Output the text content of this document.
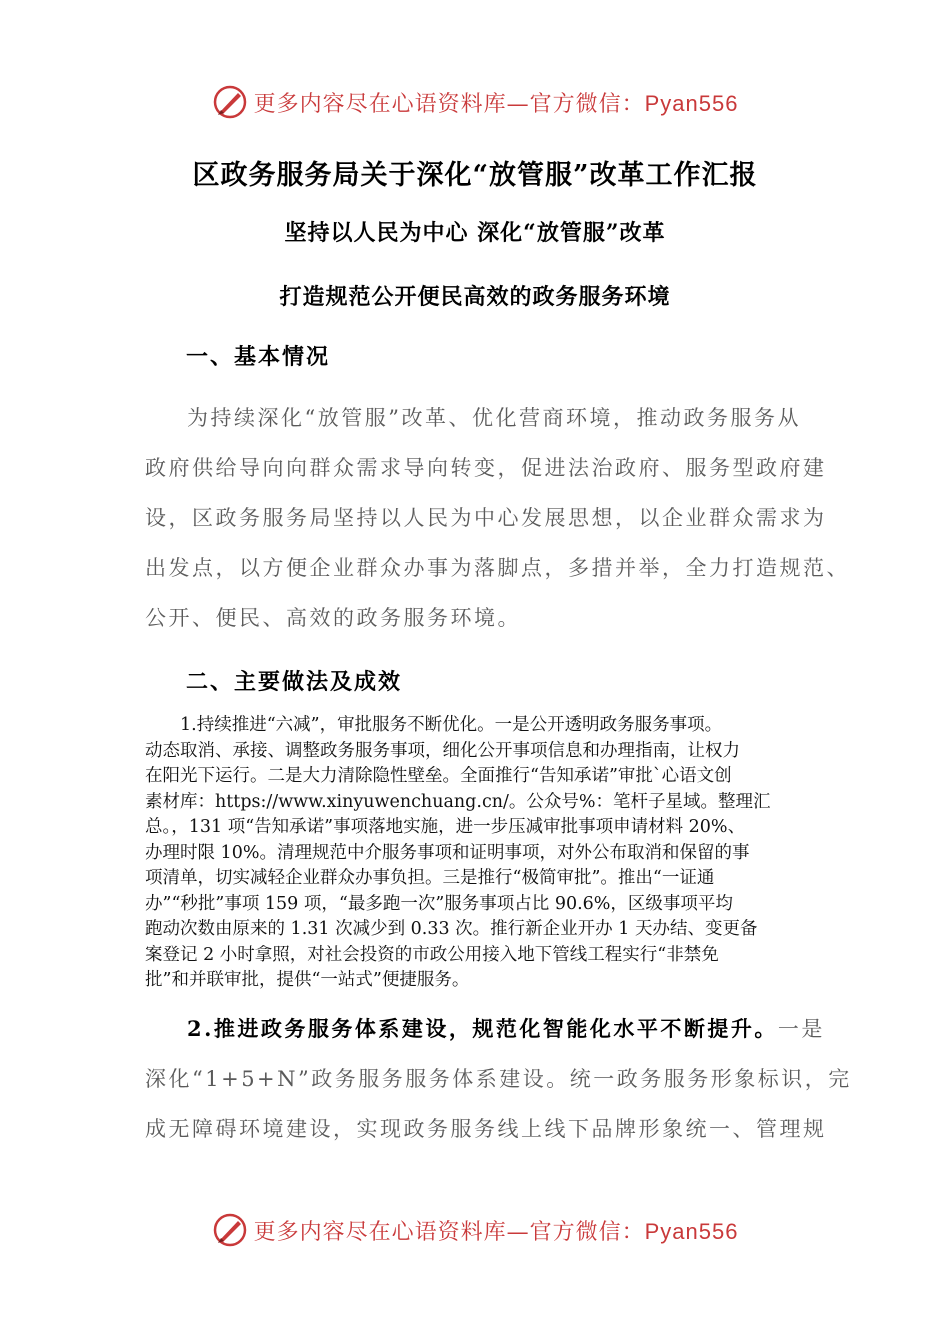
更多内容尽在心语资料库—官方微信：Pyan556
区政务服务局关于深化“放管服”改革工作汇报
坚持以人民为中心 深化“放管服”改革
打造规范公开便民高效的政务服务环境
一、基本情况
为持续深化“放管服”改革、优化营商环境，推动政务服务从
政府供给导向向群众需求导向转变，促进法治政府、服务型政府建
设，区政务服务局坚持以人民为中心发展思想，以企业群众需求为
出发点，以方便企业群众办事为落脚点，多措并举，全力打造规范、
公开、便民、高效的政务服务环境。
二、主要做法及成效
1.持续推进“六减”，审批服务不断优化。一是公开透明政务服务事项。
动态取消、承接、调整政务服务事项，细化公开事项信息和办理指南，让权力
在阳光下运行。二是大力清除隐性壁垒。全面推行“告知承诺”审批`心语文创
素材库：https://www.xinyuwenchuang.cn/。公众号%：笔杆子星域。整理汇
总。，131 项“告知承诺”事项落地实施，进一步压减审批事项申请材料 20%、
办理时限 10%。清理规范中介服务事项和证明事项，对外公布取消和保留的事
项清单，切实减轻企业群众办事负担。三是推行“极简审批”。推出“一证通
办”“秒批”事项 159 项，“最多跑一次”服务事项占比 90.6%，区级事项平均
跑动次数由原来的 1.31 次减少到 0.33 次。推行新企业开办 1 天办结、变更备
案登记 2 小时拿照，对社会投资的市政公用接入地下管线工程实行“非禁免
批”和并联审批，提供“一站式”便捷服务。
2.推进政务服务体系建设，规范化智能化水平不断提升。一是
深化“1+5+N”政务服务服务体系建设。统一政务服务形象标识，完
成无障碍环境建设，实现政务服务线上线下品牌形象统一、管理规
更多内容尽在心语资料库—官方微信：Pyan556
